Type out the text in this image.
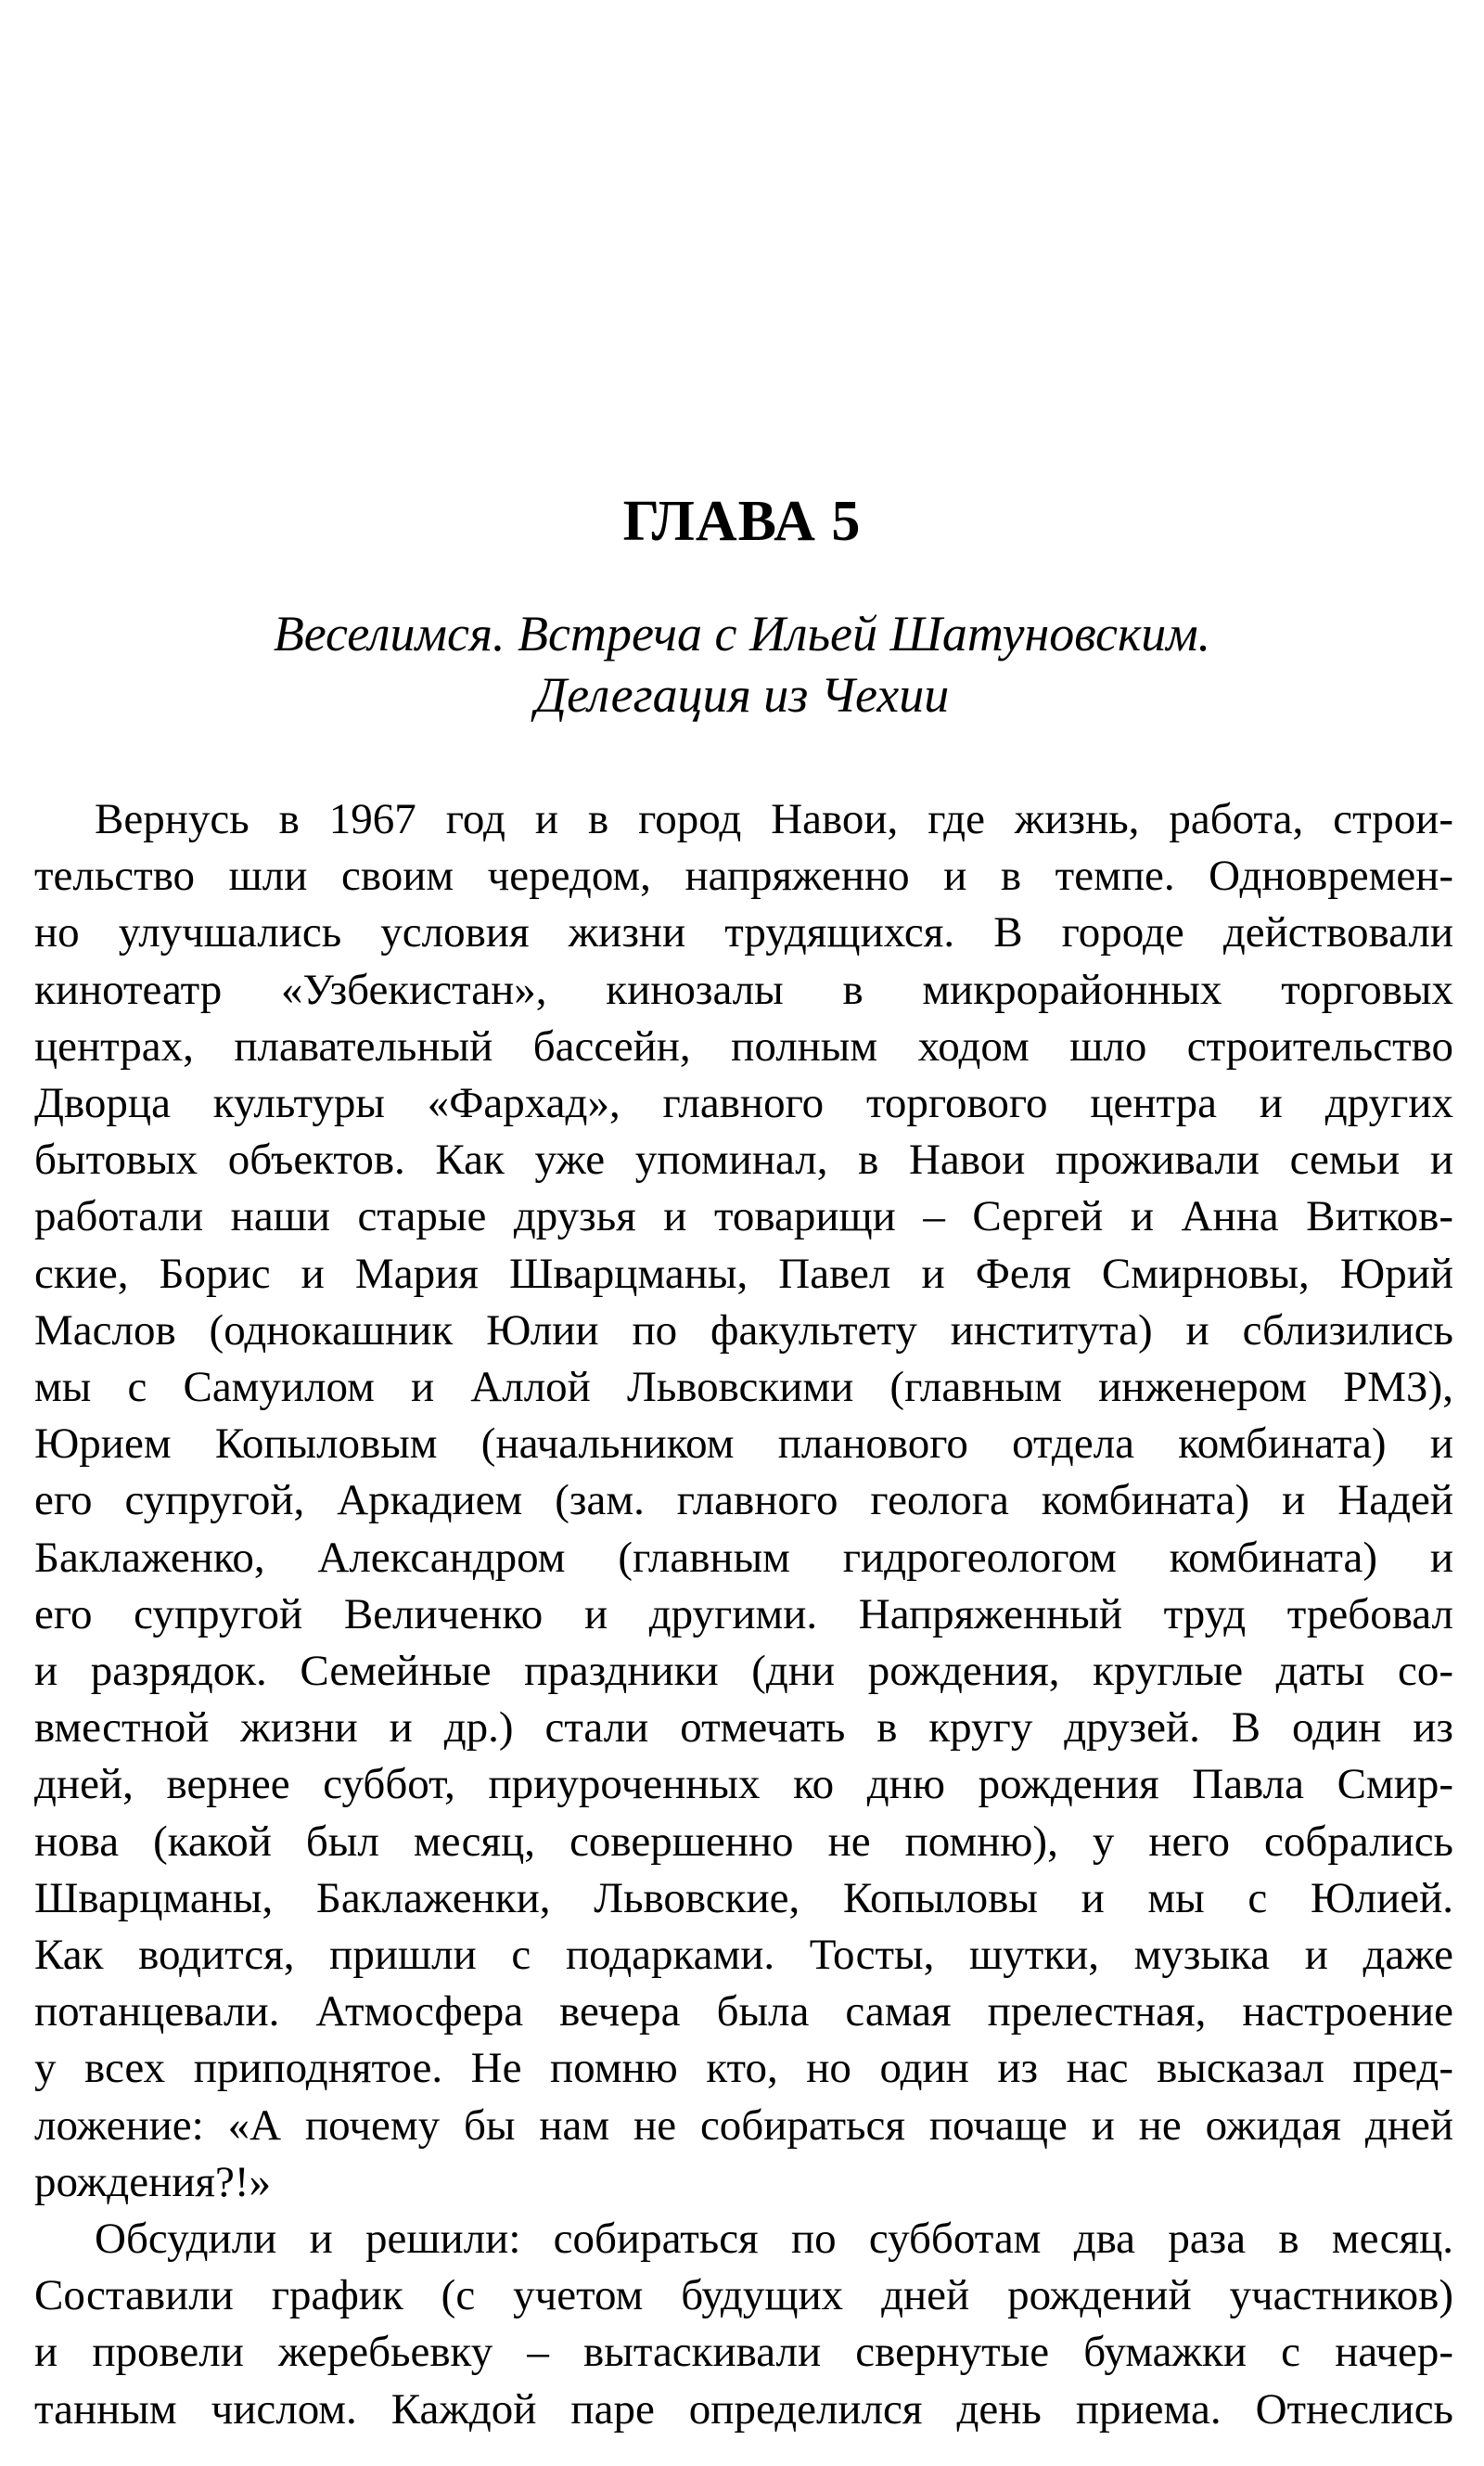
ГЛАВА 5
Веселимся. Встреча с Ильей Шатуновским.
Делегация из Чехии
Вернусь в 1967 год и в город Навои, где жизнь, работа, строи-
тельство шли своим чередом, напряженно и в темпе. Одновремен-
но улучшались условия жизни трудящихся. В городе действовали
кинотеатр «Узбекистан», кинозалы в микрорайонных торговых
центрах, плавательный бассейн, полным ходом шло строительство
Дворца культуры «Фархад», главного торгового центра и других
бытовых объектов. Как уже упоминал, в Навои проживали семьи и
работали наши старые друзья и товарищи – Сергей и Анна Витков-
ские, Борис и Мария Шварцманы, Павел и Феля Смирновы, Юрий
Маслов (однокашник Юлии по факультету института) и сблизились
мы с Самуилом и Аллой Львовскими (главным инженером РМЗ),
Юрием Копыловым (начальником планового отдела комбината) и
его супругой, Аркадием (зам. главного геолога комбината) и Надей
Баклаженко, Александром (главным гидрогеологом комбината) и
его супругой Величенко и другими. Напряженный труд требовал
и разрядок. Семейные праздники (дни рождения, круглые даты со-
вместной жизни и др.) стали отмечать в кругу друзей. В один из
дней, вернее суббот, приуроченных ко дню рождения Павла Смир-
нова (какой был месяц, совершенно не помню), у него собрались
Шварцманы, Баклаженки, Львовские, Копыловы и мы с Юлией.
Как водится, пришли с подарками. Тосты, шутки, музыка и даже
потанцевали. Атмосфера вечера была самая прелестная, настроение
у всех приподнятое. Не помню кто, но один из нас высказал пред-
ложение: «А почему бы нам не собираться почаще и не ожидая дней
рождения?!»
Обсудили и решили: собираться по субботам два раза в месяц.
Составили график (с учетом будущих дней рождений участников)
и провели жеребьевку – вытаскивали свернутые бумажки с начер-
танным числом. Каждой паре определился день приема. Отнеслись
